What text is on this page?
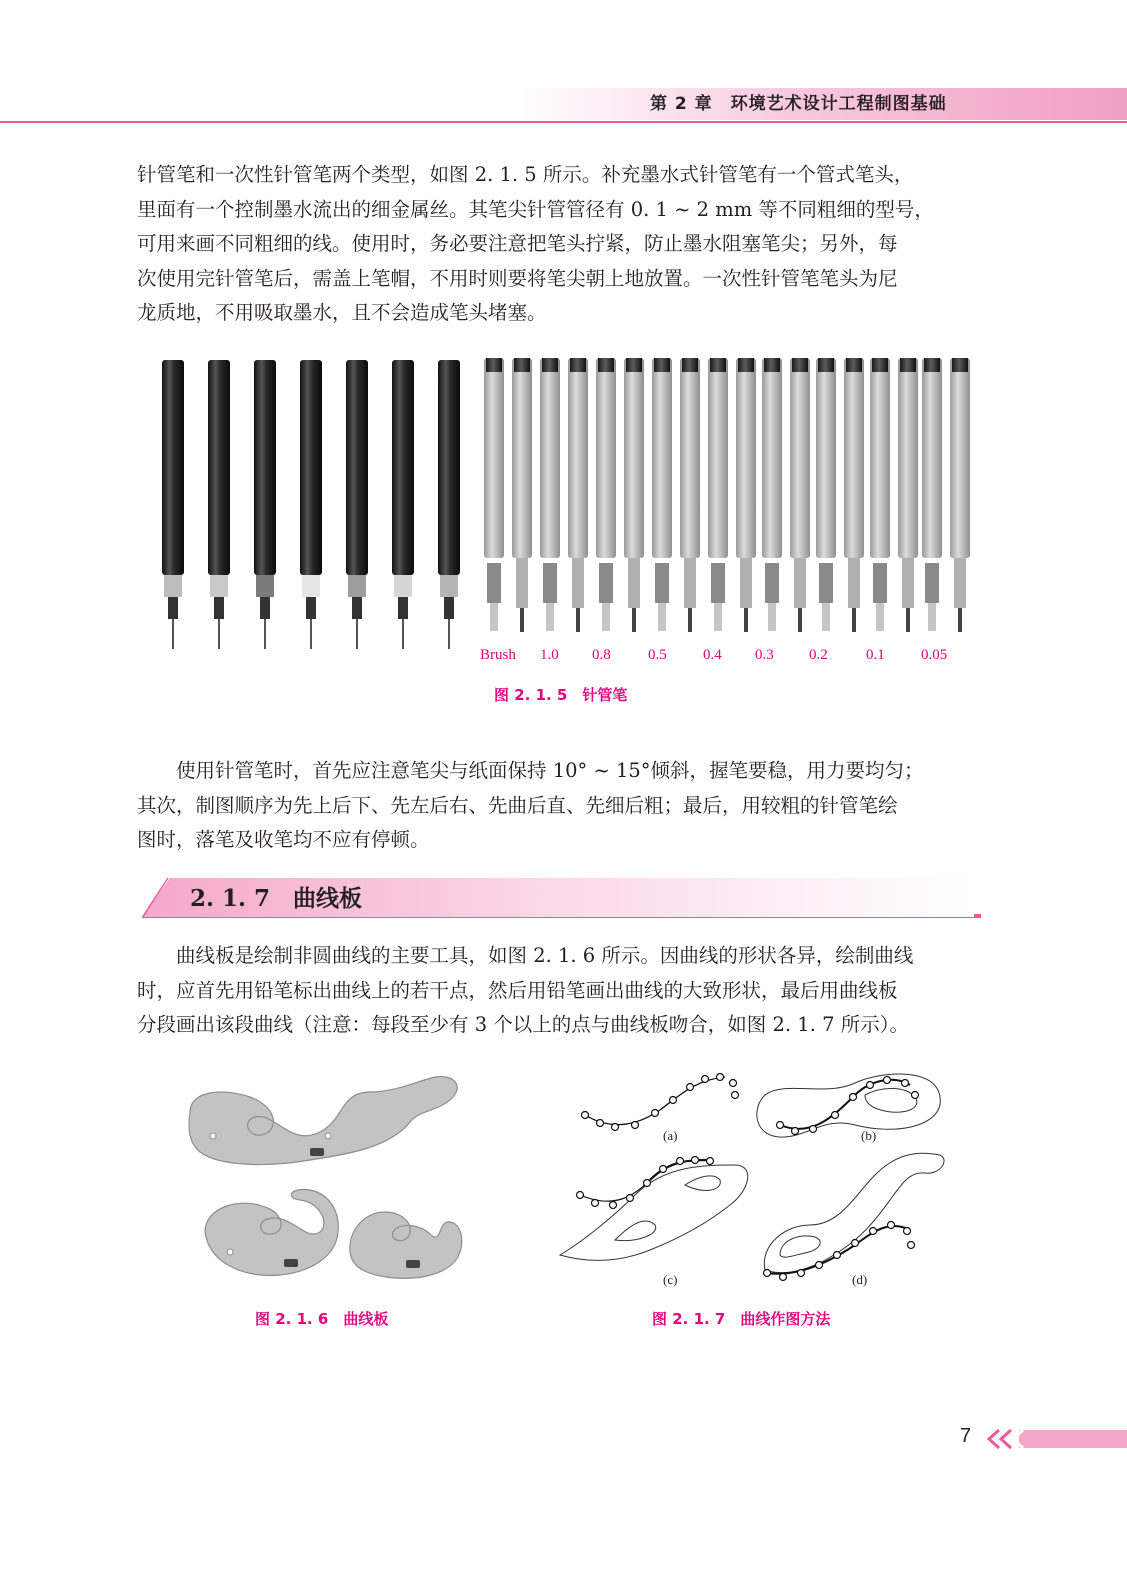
第 2 章　环境艺术设计工程制图基础
针管笔和一次性针管笔两个类型，如图 2. 1. 5 所示。补充墨水式针管笔有一个管式笔头，
里面有一个控制墨水流出的细金属丝。其笔尖针管管径有 0. 1 ~ 2 mm 等不同粗细的型号，
可用来画不同粗细的线。使用时，务必要注意把笔头拧紧，防止墨水阻塞笔尖；另外，每
次使用完针管笔后，需盖上笔帽，不用时则要将笔尖朝上地放置。一次性针管笔笔头为尼
龙质地，不用吸取墨水，且不会造成笔头堵塞。
Brush 1.0 0.8 0.5 0.4 0.3 0.2	0.1 0.05
图 2. 1. 5　针管笔
　　使用针管笔时，首先应注意笔尖与纸面保持 10° ~ 15°倾斜，握笔要稳，用力要均匀；
其次，制图顺序为先上后下、先左后右、先曲后直、先细后粗；最后，用较粗的针管笔绘
图时，落笔及收笔均不应有停顿。
2. 1. 7　曲线板
　　曲线板是绘制非圆曲线的主要工具，如图 2. 1. 6 所示。因曲线的形状各异，绘制曲线
时，应首先用铅笔标出曲线上的若干点，然后用铅笔画出曲线的大致形状，最后用曲线板
分段画出该段曲线（注意：每段至少有 3 个以上的点与曲线板吻合，如图 2. 1. 7 所示）。
图 2. 1. 6　曲线板
(a)	(b)
(c)	(d)
图 2. 1. 7　曲线作图方法
7
